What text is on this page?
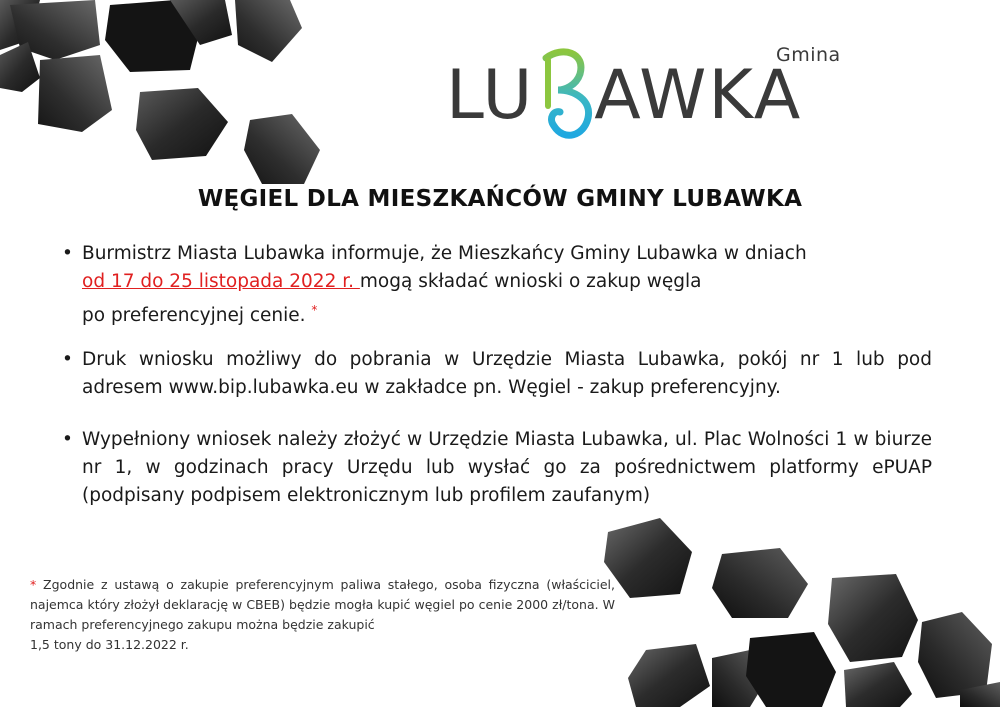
Gmina
LU AWKA
WĘGIEL DLA MIESZKAŃCÓW GMINY LUBAWKA
• Burmistrz Miasta Lubawka informuje, że Mieszkańcy Gminy Lubawka w dniach
od 17 do 25 listopada 2022 r. mogą składać wnioski o zakup węgla
po preferencyjnej cenie. *
• Druk wniosku możliwy do pobrania w Urzędzie Miasta Lubawka, pokój nr 1 lub pod adresem www.bip.lubawka.eu w zakładce pn. Węgiel - zakup preferencyjny.
• Wypełniony wniosek należy złożyć w Urzędzie Miasta Lubawka, ul. Plac Wolności 1 w biurze nr 1, w godzinach pracy Urzędu lub wysłać go za pośrednictwem platformy ePUAP (podpisany podpisem elektronicznym lub profilem zaufanym)
* Zgodnie z ustawą o zakupie preferencyjnym paliwa stałego, osoba fizyczna (właściciel, najemca który złożył deklarację w CBEB) będzie mogła kupić węgiel po cenie 2000 zł/tona. W ramach preferencyjnego zakupu można będzie zakupić
1,5 tony do 31.12.2022 r.
